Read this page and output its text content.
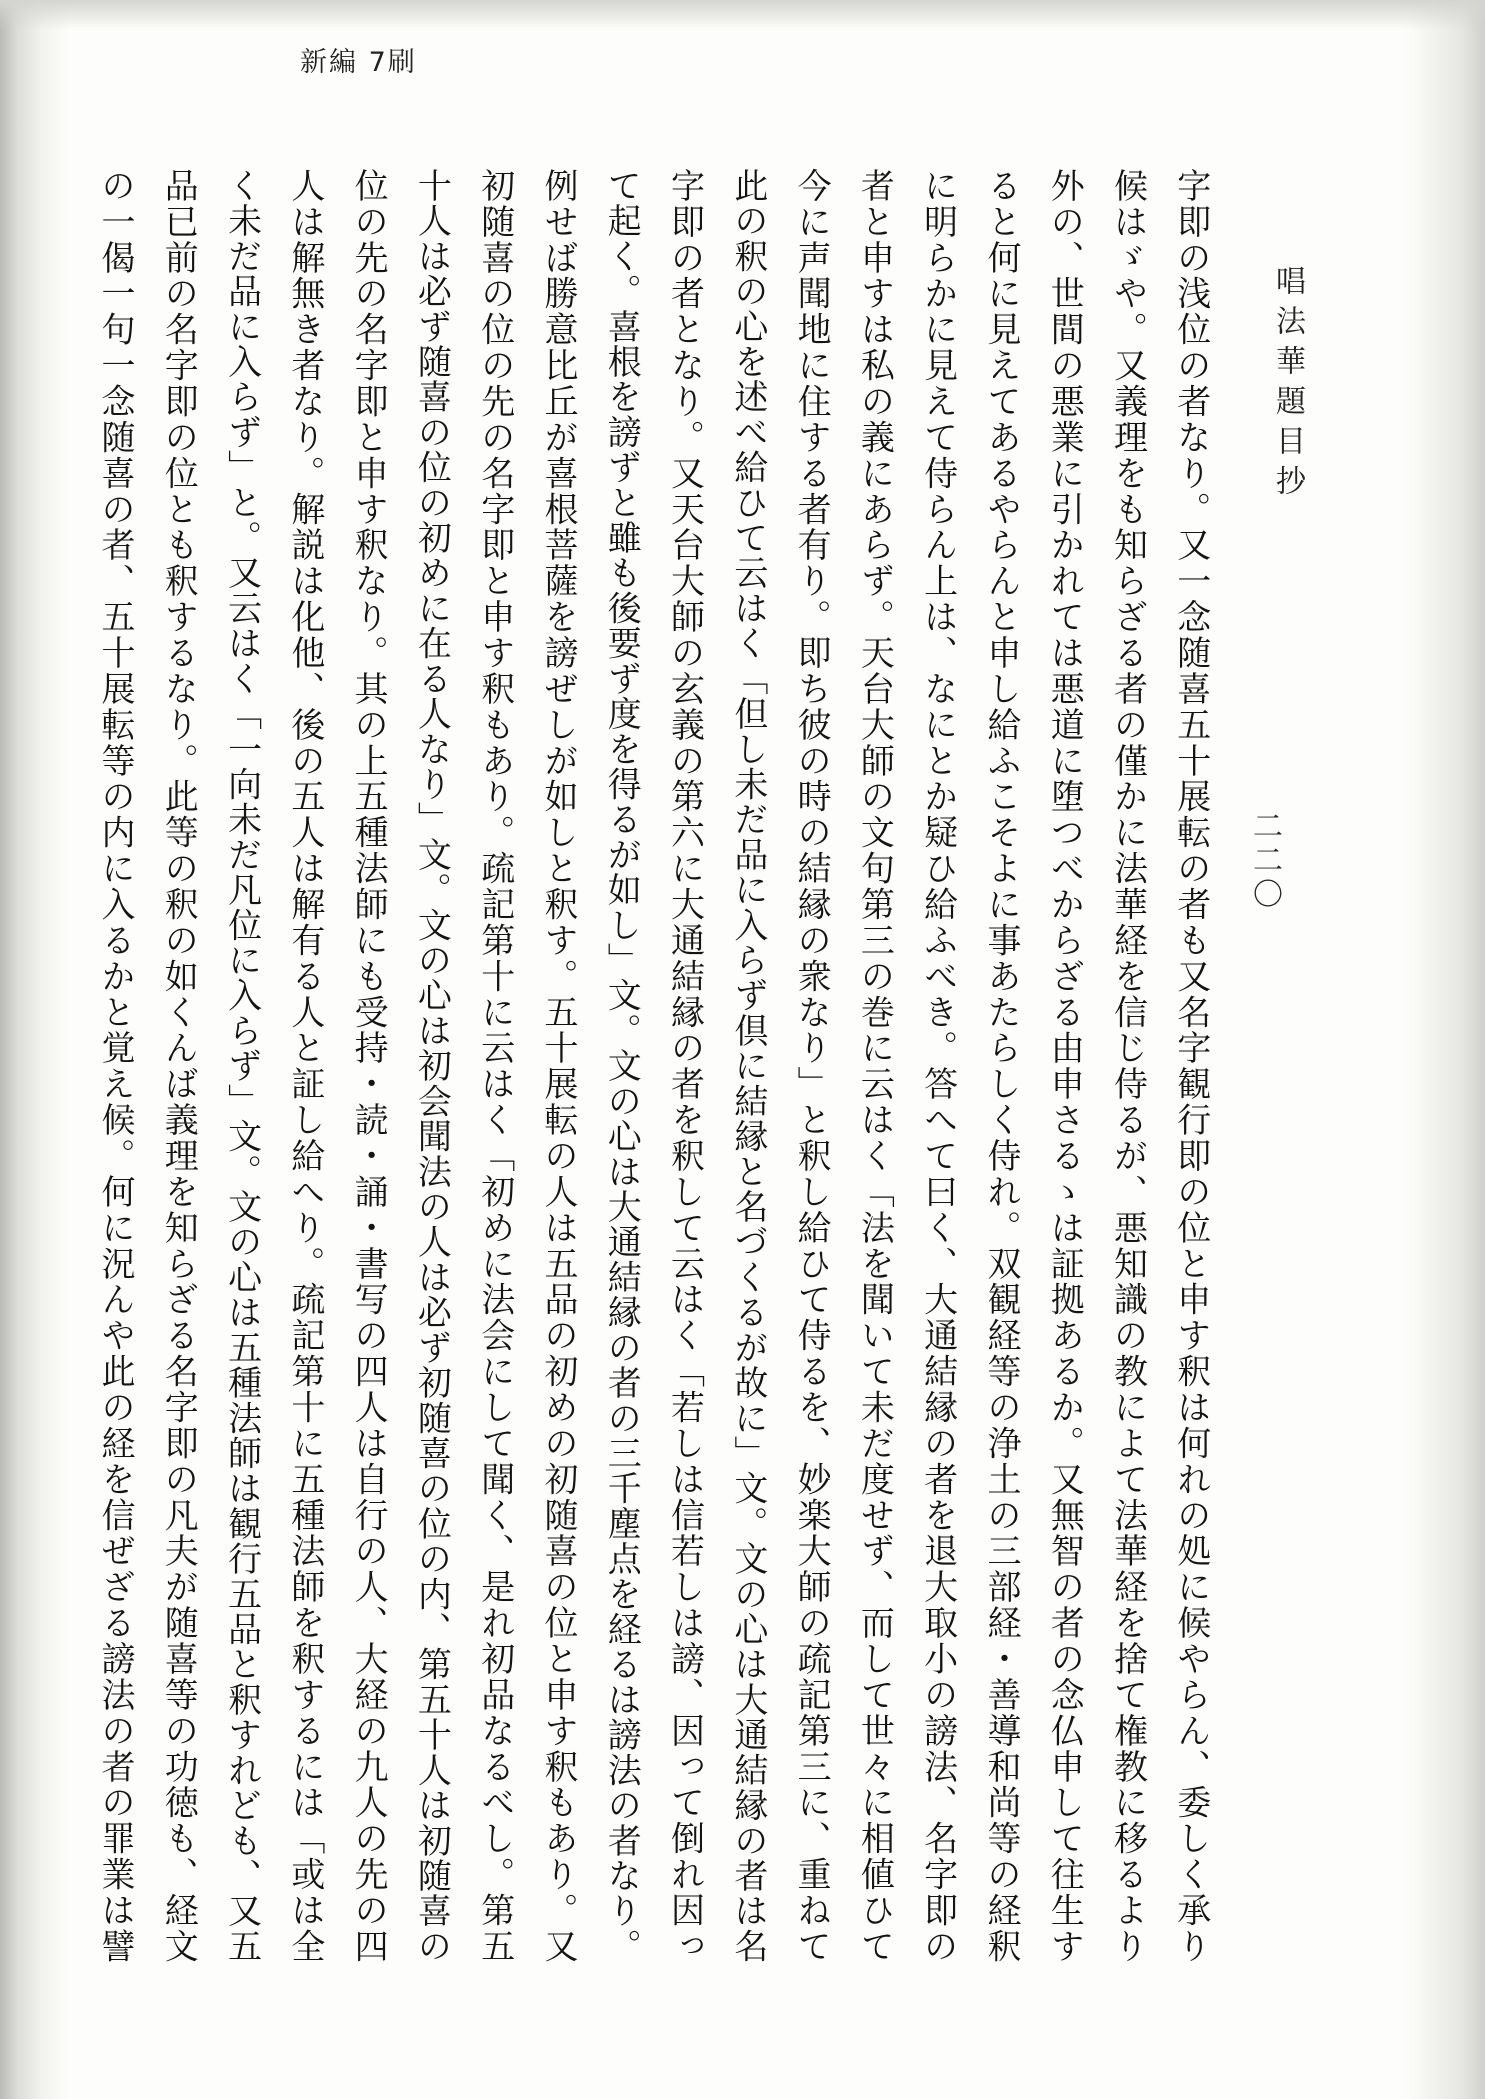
新編 7刷
唱法華題目抄
二二〇
字即の浅位の者なり。又一念随喜五十展転の者も又名字観行即の位と申す釈は何れの処に候やらん、委しく承り
候はゞや。又義理をも知らざる者の僅かに法華経を信じ侍るが、悪知識の教によて法華経を捨て権教に移るより
外の、世間の悪業に引かれては悪道に堕つべからざる由申さるゝは証拠あるか。又無智の者の念仏申して往生す
ると何に見えてあるやらんと申し給ふこそよに事あたらしく侍れ。双観経等の浄土の三部経・善導和尚等の経釈
に明らかに見えて侍らん上は、なにとか疑ひ給ふべき。答へて曰く、大通結縁の者を退大取小の謗法、名字即の
者と申すは私の義にあらず。天台大師の文句第三の巻に云はく「法を聞いて未だ度せず、而して世々に相値ひて
今に声聞地に住する者有り。即ち彼の時の結縁の衆なり」と釈し給ひて侍るを、妙楽大師の疏記第三に、重ねて
此の釈の心を述べ給ひて云はく「但し未だ品に入らず倶に結縁と名づくるが故に」文。文の心は大通結縁の者は名
字即の者となり。又天台大師の玄義の第六に大通結縁の者を釈して云はく「若しは信若しは謗、因って倒れ因っ
て起く。喜根を謗ずと雖も後要ず度を得るが如し」文。文の心は大通結縁の者の三千塵点を経るは謗法の者なり。
例せば勝意比丘が喜根菩薩を謗ぜしが如しと釈す。五十展転の人は五品の初めの初随喜の位と申す釈もあり。又
初随喜の位の先の名字即と申す釈もあり。疏記第十に云はく「初めに法会にして聞く、是れ初品なるべし。第五
十人は必ず随喜の位の初めに在る人なり」文。文の心は初会聞法の人は必ず初随喜の位の内、第五十人は初随喜の
位の先の名字即と申す釈なり。其の上五種法師にも受持・読・誦・書写の四人は自行の人、大経の九人の先の四
人は解無き者なり。解説は化他、後の五人は解有る人と証し給へり。疏記第十に五種法師を釈するには「或は全
く未だ品に入らず」と。又云はく「一向未だ凡位に入らず」文。文の心は五種法師は観行五品と釈すれども、又五
品已前の名字即の位とも釈するなり。此等の釈の如くんば義理を知らざる名字即の凡夫が随喜等の功徳も、経文
の一偈一句一念随喜の者、五十展転等の内に入るかと覚え候。何に況んや此の経を信ぜざる謗法の者の罪業は譬
